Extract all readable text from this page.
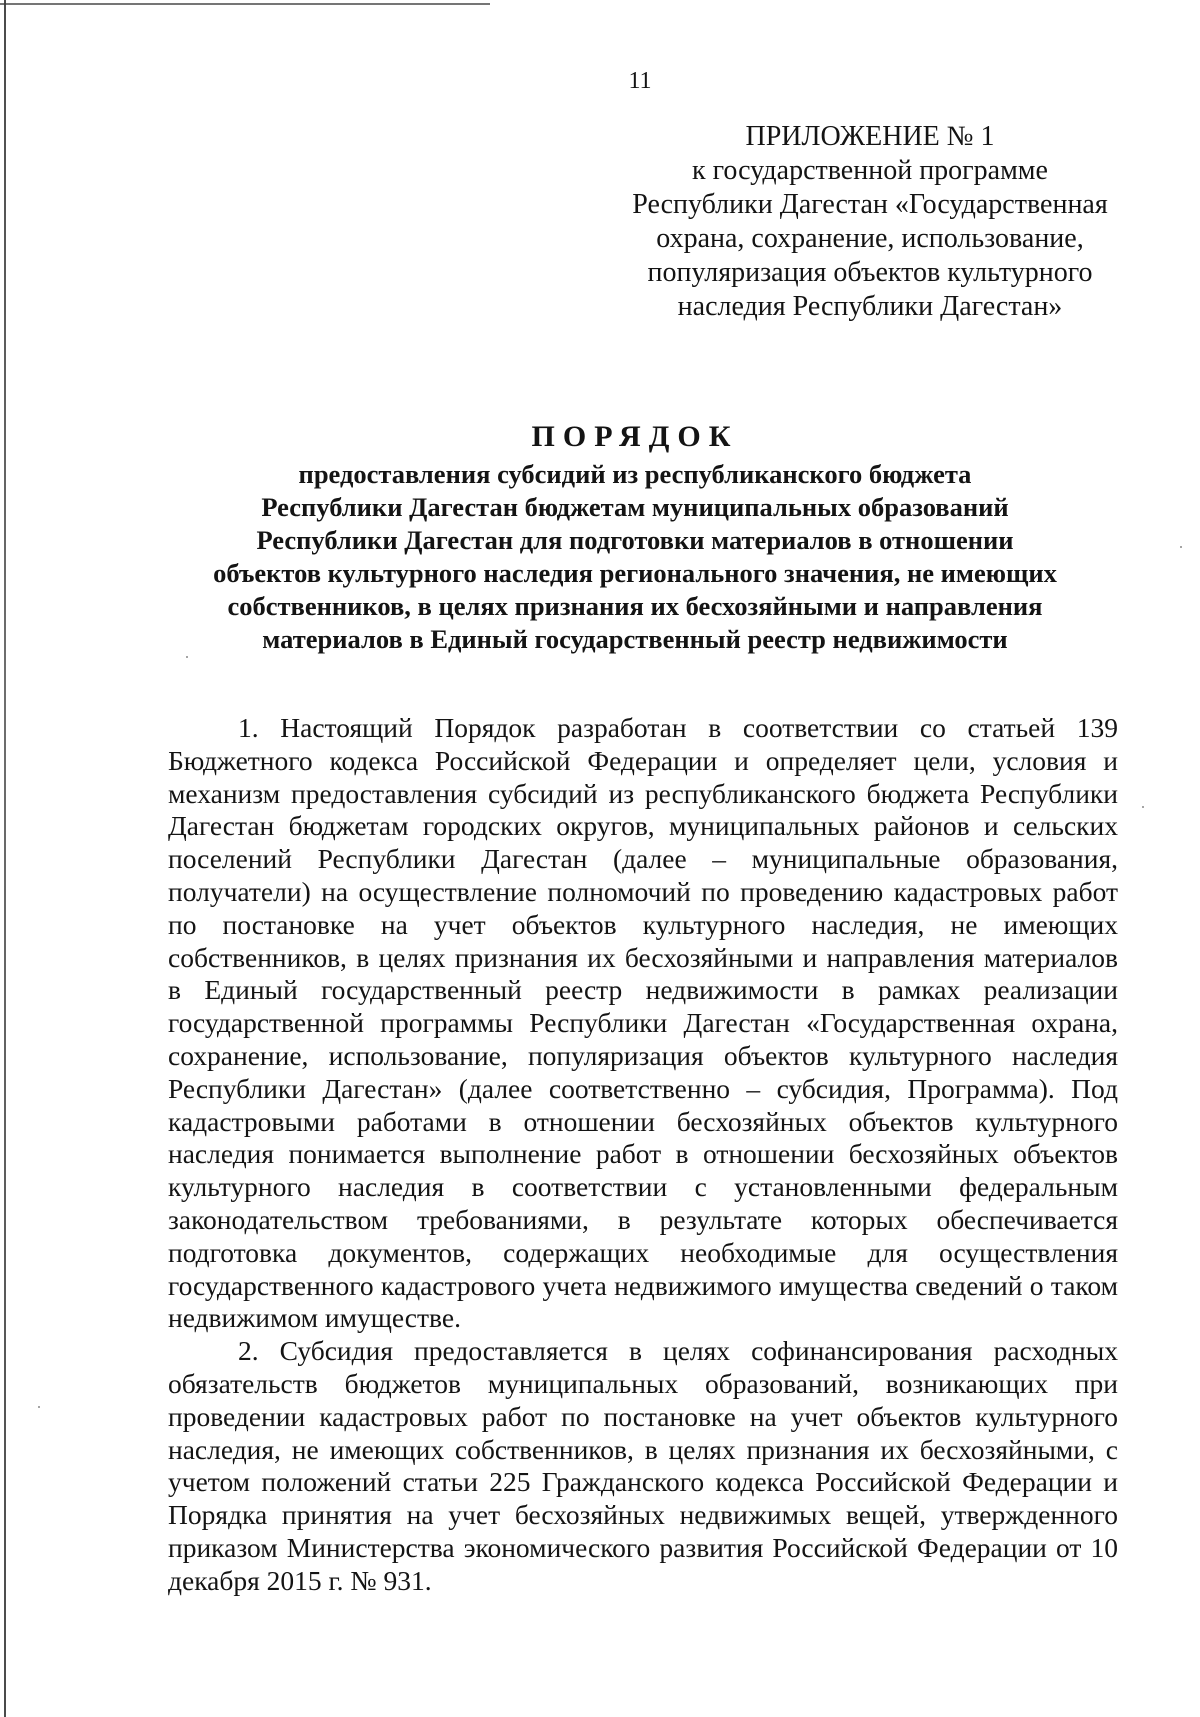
11
ПРИЛОЖЕНИЕ № 1
к государственной программе
Республики Дагестан «Государственная
охрана, сохранение, использование,
популяризация объектов культурного
наследия Республики Дагестан»
ПОРЯДОК
предоставления субсидий из республиканского бюджета
Республики Дагестан бюджетам муниципальных образований
Республики Дагестан для подготовки материалов в отношении
объектов культурного наследия регионального значения, не имеющих
собственников, в целях признания их бесхозяйными и направления
материалов в Единый государственный реестр недвижимости

1. Настоящий Порядок разработан в соответствии со статьей 139 Бюджетного кодекса Российской Федерации и определяет цели, условия и механизм предоставления субсидий из республиканского бюджета Республики Дагестан бюджетам городских округов, муниципальных районов и сельских поселений Республики Дагестан (далее – муниципальные образования, получатели) на осуществление полномочий по проведению кадастровых работ по постановке на учет объектов культурного наследия, не имеющих собственников, в целях признания их бесхозяйными и направления материалов в Единый государственный реестр недвижимости в рамках реализации государственной программы Республики Дагестан «Государственная охрана, сохранение, использование, популяризация объектов культурного наследия Республики Дагестан» (далее соответственно – субсидия, Программа). Под кадастровыми работами в отношении бесхозяйных объектов культурного наследия понимается выполнение работ в отношении бесхозяйных объектов культурного наследия в соответствии с установленными федеральным законодательством требованиями, в результате которых обеспечивается подготовка документов, содержащих необходимые для осуществления государственного кадастрового учета недвижимого имущества сведений о таком недвижимом имуществе.

2. Субсидия предоставляется в целях софинансирования расходных обязательств бюджетов муниципальных образований, возникающих при проведении кадастровых работ по постановке на учет объектов культурного наследия, не имеющих собственников, в целях признания их бесхозяйными, с учетом положений статьи 225 Гражданского кодекса Российской Федерации и Порядка принятия на учет бесхозяйных недвижимых вещей, утвержденного приказом Министерства экономического развития Российской Федерации от 10 декабря 2015 г. № 931.
